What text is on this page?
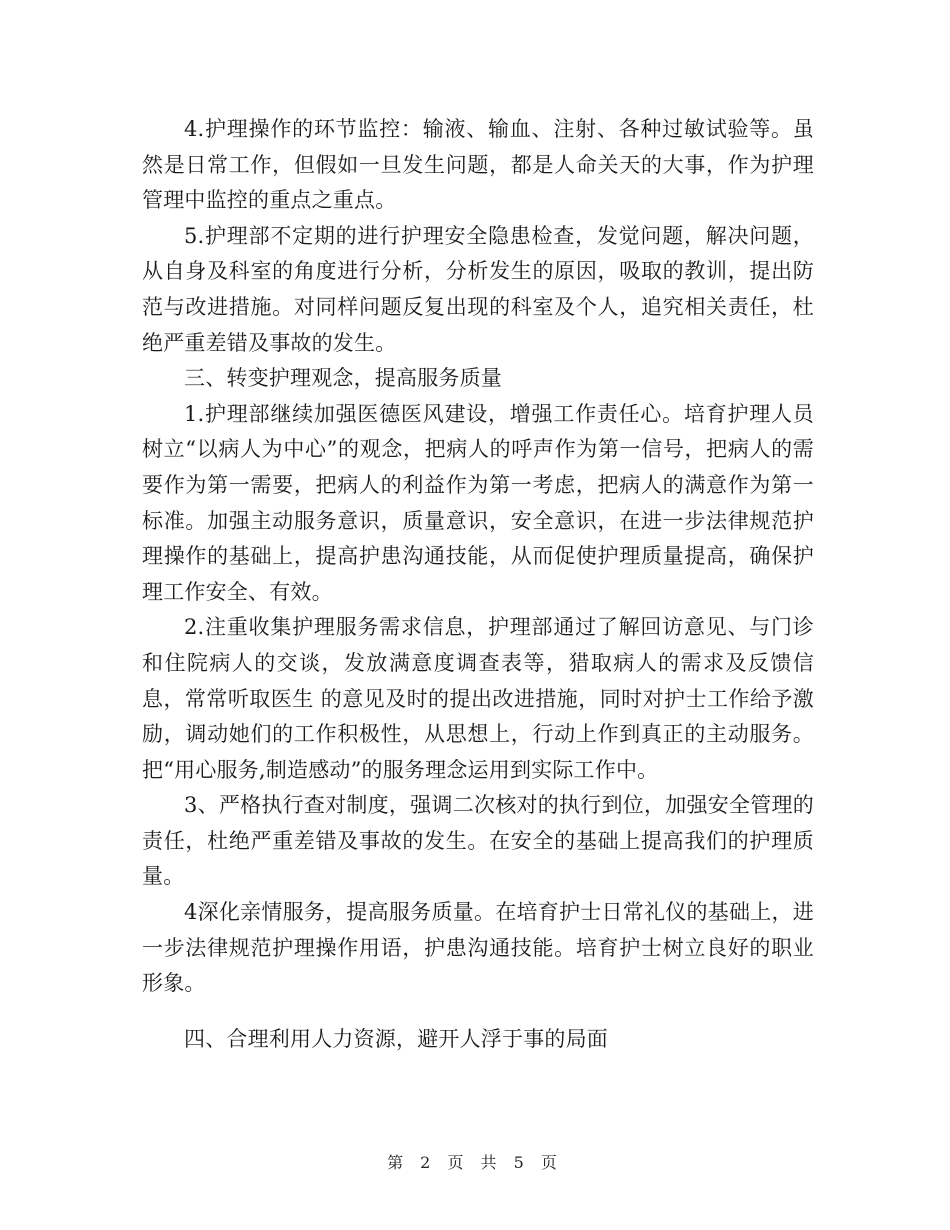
4.护理操作的环节监控：输液、输血、注射、各种过敏试验等。虽然是日常工作，但假如一旦发生问题，都是人命关天的大事，作为护理管理中监控的重点之重点。

5.护理部不定期的进行护理安全隐患检查，发觉问题，解决问题，从自身及科室的角度进行分析，分析发生的原因，吸取的教训，提出防范与改进措施。对同样问题反复出现的科室及个人，追究相关责任，杜绝严重差错及事故的发生。

三、转变护理观念，提高服务质量

1.护理部继续加强医德医风建设，增强工作责任心。培育护理人员树立“以病人为中心”的观念，把病人的呼声作为第一信号，把病人的需要作为第一需要，把病人的利益作为第一考虑，把病人的满意作为第一标准。加强主动服务意识，质量意识，安全意识，在进一步法律规范护理操作的基础上，提高护患沟通技能，从而促使护理质量提高，确保护理工作安全、有效。

2.注重收集护理服务需求信息，护理部通过了解回访意见、与门诊和住院病人的交谈，发放满意度调查表等，猎取病人的需求及反馈信息，常常听取医生 的意见及时的提出改进措施，同时对护士工作给予激励，调动她们的工作积极性，从思想上，行动上作到真正的主动服务。把“用心服务,制造感动”的服务理念运用到实际工作中。

3、严格执行查对制度，强调二次核对的执行到位，加强安全管理的责任，杜绝严重差错及事故的发生。在安全的基础上提高我们的护理质量。

4深化亲情服务，提高服务质量。在培育护士日常礼仪的基础上，进一步法律规范护理操作用语，护患沟通技能。培育护士树立良好的职业形象。

四、合理利用人力资源，避开人浮于事的局面

第 2 页 共 5 页
